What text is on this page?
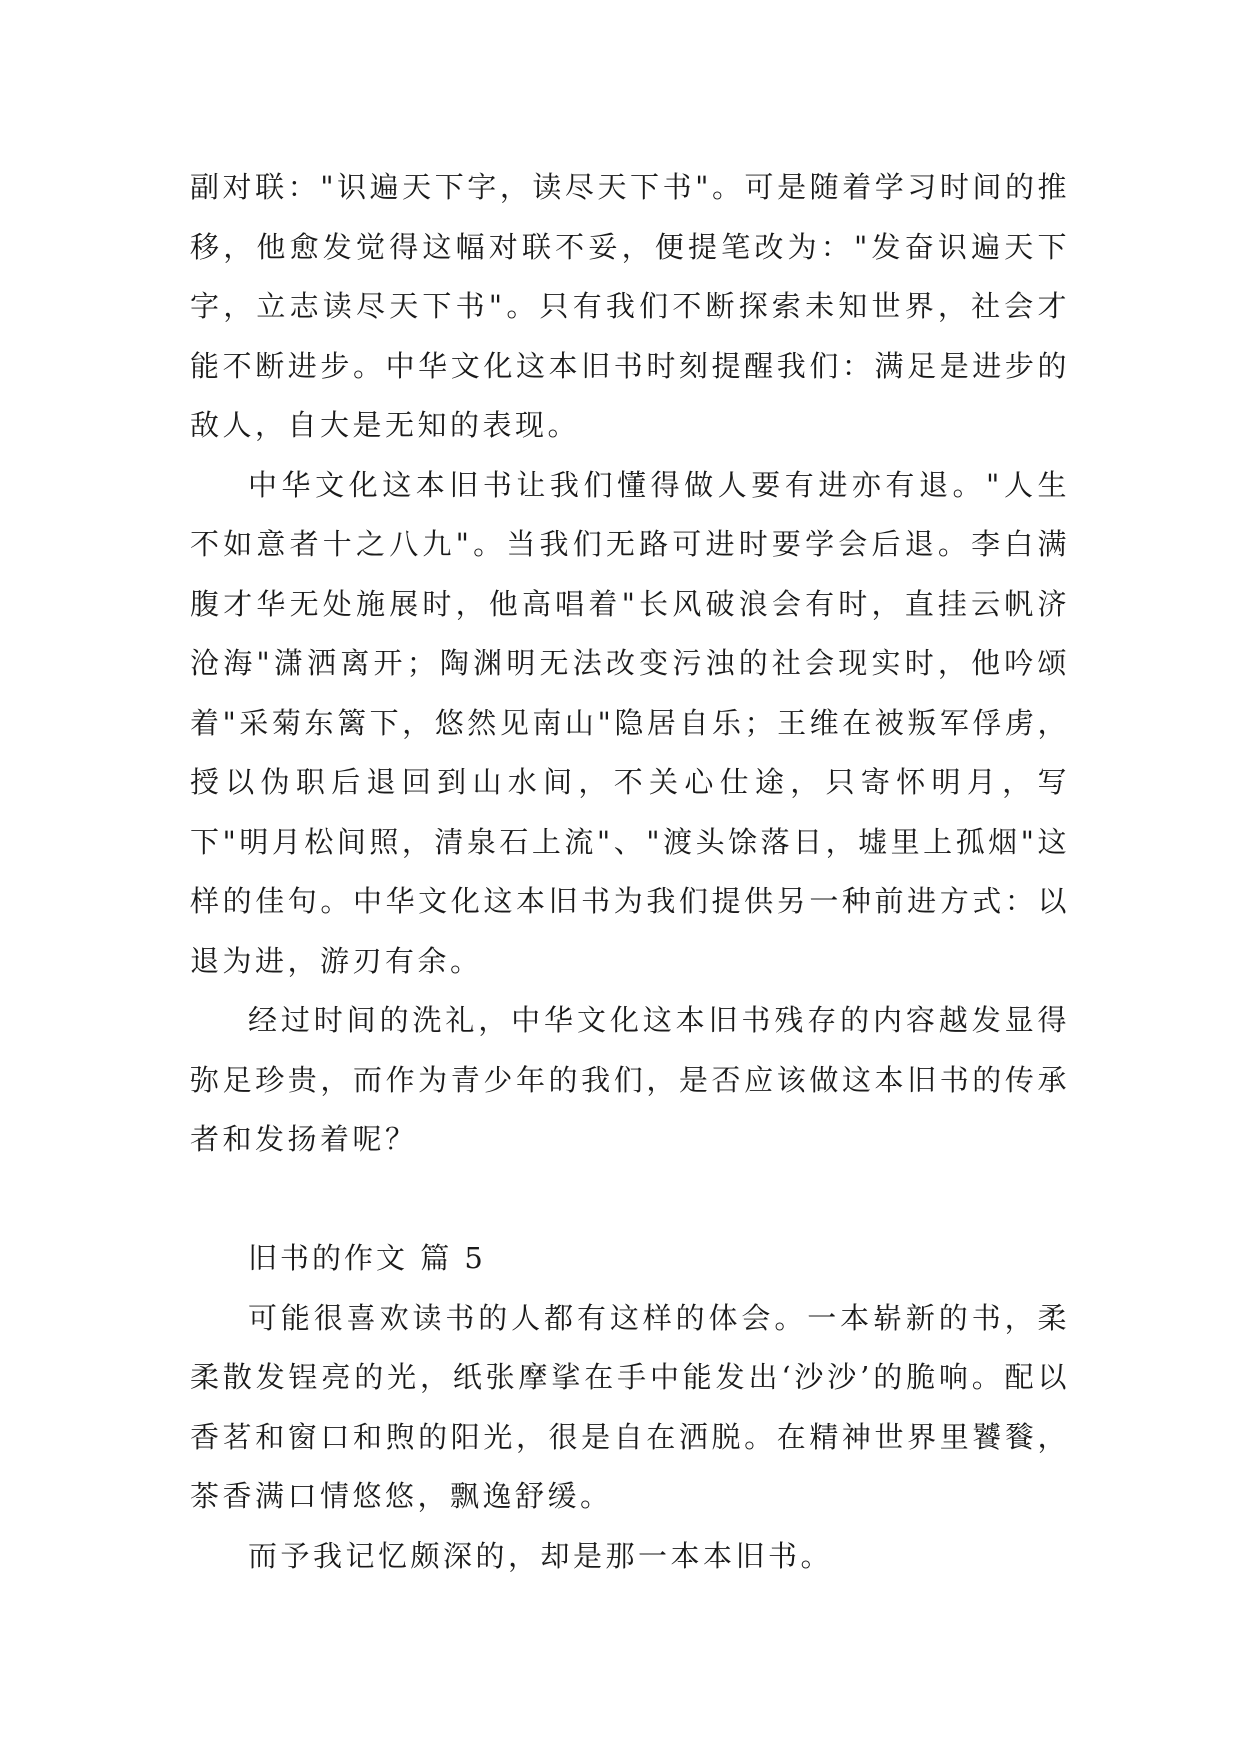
副对联："识遍天下字，读尽天下书"。可是随着学习时间的推移，他愈发觉得这幅对联不妥，便提笔改为："发奋识遍天下字，立志读尽天下书"。只有我们不断探索未知世界，社会才能不断进步。中华文化这本旧书时刻提醒我们：满足是进步的敌人，自大是无知的表现。

中华文化这本旧书让我们懂得做人要有进亦有退。"人生不如意者十之八九"。当我们无路可进时要学会后退。李白满腹才华无处施展时，他高唱着"长风破浪会有时，直挂云帆济沧海"潇洒离开；陶渊明无法改变污浊的社会现实时，他吟颂着"采菊东篱下，悠然见南山"隐居自乐；王维在被叛军俘虏，授以伪职后退回到山水间，不关心仕途，只寄怀明月，写下"明月松间照，清泉石上流"、"渡头馀落日，墟里上孤烟"这样的佳句。中华文化这本旧书为我们提供另一种前进方式：以退为进，游刃有余。

经过时间的洗礼，中华文化这本旧书残存的内容越发显得弥足珍贵，而作为青少年的我们，是否应该做这本旧书的传承者和发扬着呢？

旧书的作文 篇 5

可能很喜欢读书的人都有这样的体会。一本崭新的书，柔柔散发锃亮的光，纸张摩挲在手中能发出‘沙沙’的脆响。配以香茗和窗口和煦的阳光，很是自在洒脱。在精神世界里饕餮，茶香满口情悠悠，飘逸舒缓。

而予我记忆颇深的，却是那一本本旧书。
